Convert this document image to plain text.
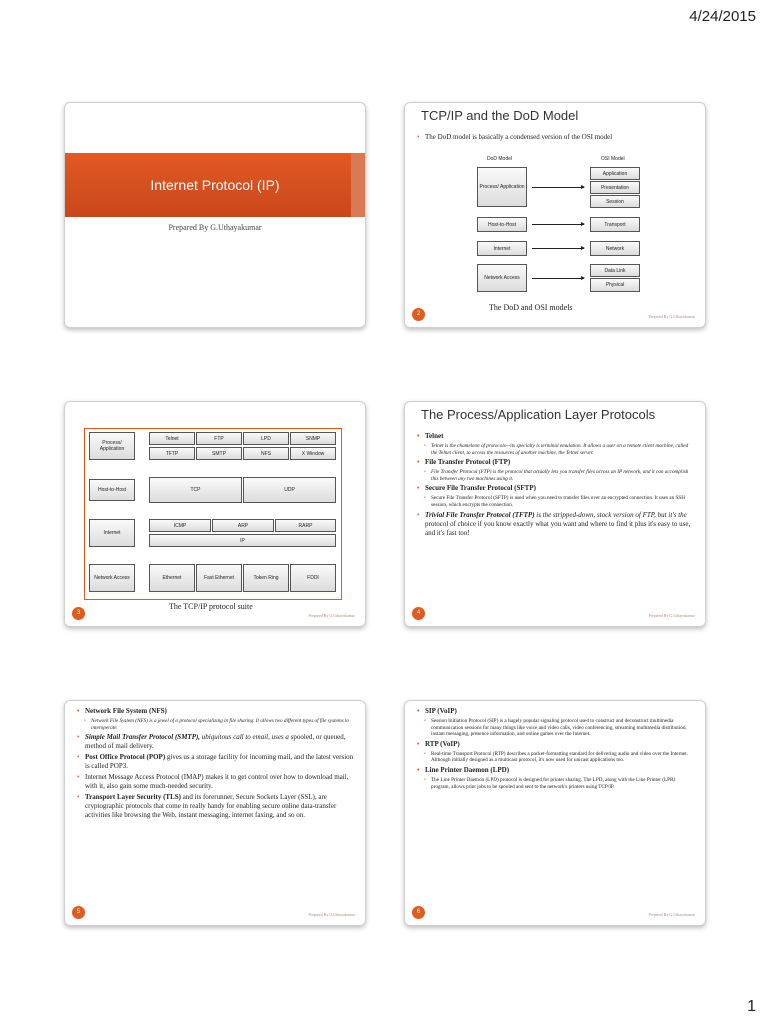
4/24/2015
Internet Protocol (IP)
Prepared By G.Uthayakumar
TCP/IP and the DoD Model
• The DoD model is basically a condensed version of the OSI model
DoD Model	OSI Model
Process/ Application
Host-to-Host
Internet
Network Access
Application
Presentation
Session
Transport
Network
Data Link
Physical
The DoD and OSI models
2	Prepared By G.Uthayakumar
Process/ Application
Host-to-Host
Internet
Network Access
Telnet	FTP	LPD	SNMP
TFTP	SMTP	NFS	X Window
TCP	UDP
ICMP	ARP	RARP
IP
Ethernet	Fast Ethernet	Token Ring	FDDI
The TCP/IP protocol suite
3	Prepared By G.Uthayakumar
The Process/Application Layer Protocols
• Telnet
• Telnet is the chameleon of protocols—its specialty is terminal emulation. It allows a user on a remote client machine, called the Telnet client, to access the resources of another machine, the Telnet server.
• File Transfer Protocol (FTP)
• File Transfer Protocol (FTP) is the protocol that actually lets you transfer files across an IP network, and it can accomplish this between any two machines using it.
• Secure File Transfer Protocol (SFTP)
• Secure File Transfer Protocol (SFTP) is used when you need to transfer files over an encrypted connection. It uses an SSH session, which encrypts the connection.
• Trivial File Transfer Protocol (TFTP) is the stripped-down, stock version of FTP, but it's the protocol of choice if you know exactly what you want and where to find it plus it's easy to use, and it's fast too!
4	Prepared By G.Uthayakumar
• Network File System (NFS)
• Network File System (NFS) is a jewel of a protocol specializing in file sharing. It allows two different types of file systems to interoperate.
• Simple Mail Transfer Protocol (SMTP), ubiquitous call to email, uses a spooled, or queued, method of mail delivery.
• Post Office Protocol (POP) gives us a storage facility for incoming mail, and the latest version is called POP3.
• Internet Message Access Protocol (IMAP) makes it to get control over how to download mail, with it, also gain some much-needed security.
• Transport Layer Security (TLS) and its forerunner, Secure Sockets Layer (SSL), are cryptographic protocols that come in really handy for enabling secure online data-transfer activities like browsing the Web, instant messaging, internet faxing, and so on.
5	Prepared By G.Uthayakumar
• SIP (VoIP)
• Session Initiation Protocol (SIP) is a hugely popular signaling protocol used to construct and deconstruct multimedia communication sessions for many things like voice and video calls, video conferencing, streaming multimedia distribution, instant messaging, presence information, and online games over the Internet.
• RTP (VoIP)
• Real-time Transport Protocol (RTP) describes a packet-formatting standard for delivering audio and video over the Internet. Although initially designed as a multicast protocol, it's now used for unicast applications too.
• Line Printer Daemon (LPD)
• The Line Printer Daemon (LPD) protocol is designed for printer sharing. The LPD, along with the Line Printer (LPR) program, allows print jobs to be spooled and sent to the network's printers using TCP/IP.
6	Prepared By G.Uthayakumar
1
